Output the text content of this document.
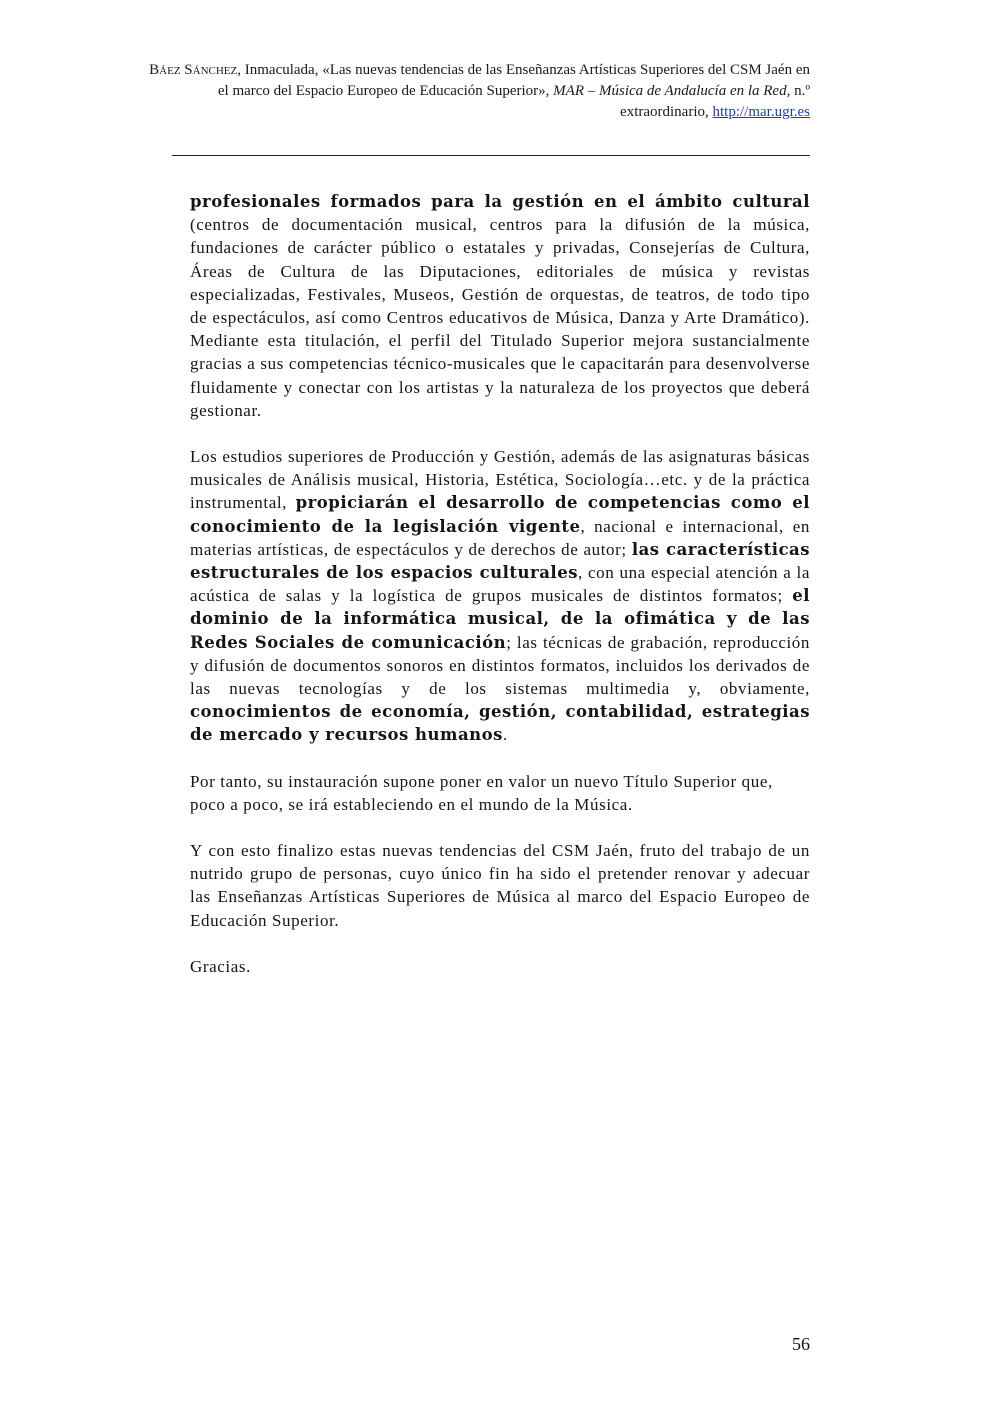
Báez Sánchez, Inmaculada, «Las nuevas tendencias de las Enseñanzas Artísticas Superiores del CSM Jaén en el marco del Espacio Europeo de Educación Superior», MAR – Música de Andalucía en la Red, n.º extraordinario, http://mar.ugr.es

profesionales formados para la gestión en el ámbito cultural (centros de documentación musical, centros para la difusión de la música, fundaciones de carácter público o estatales y privadas, Consejerías de Cultura, Áreas de Cultura de las Diputaciones, editoriales de música y revistas especializadas, Festivales, Museos, Gestión de orquestas, de teatros, de todo tipo de espectáculos, así como Centros educativos de Música, Danza y Arte Dramático). Mediante esta titulación, el perfil del Titulado Superior mejora sustancialmente gracias a sus competencias técnico-musicales que le capacitarán para desenvolverse fluidamente y conectar con los artistas y la naturaleza de los proyectos que deberá gestionar.

Los estudios superiores de Producción y Gestión, además de las asignaturas básicas musicales de Análisis musical, Historia, Estética, Sociología…etc. y de la práctica instrumental, propiciarán el desarrollo de competencias como el conocimiento de la legislación vigente, nacional e internacional, en materias artísticas, de espectáculos y de derechos de autor; las características estructurales de los espacios culturales, con una especial atención a la acústica de salas y la logística de grupos musicales de distintos formatos; el dominio de la informática musical, de la ofimática y de las Redes Sociales de comunicación; las técnicas de grabación, reproducción y difusión de documentos sonoros en distintos formatos, incluidos los derivados de las nuevas tecnologías y de los sistemas multimedia y, obviamente, conocimientos de economía, gestión, contabilidad, estrategias de mercado y recursos humanos.

Por tanto, su instauración supone poner en valor un nuevo Título Superior que, poco a poco, se irá estableciendo en el mundo de la Música.

Y con esto finalizo estas nuevas tendencias del CSM Jaén, fruto del trabajo de un nutrido grupo de personas, cuyo único fin ha sido el pretender renovar y adecuar las Enseñanzas Artísticas Superiores de Música al marco del Espacio Europeo de Educación Superior.

Gracias.

56
